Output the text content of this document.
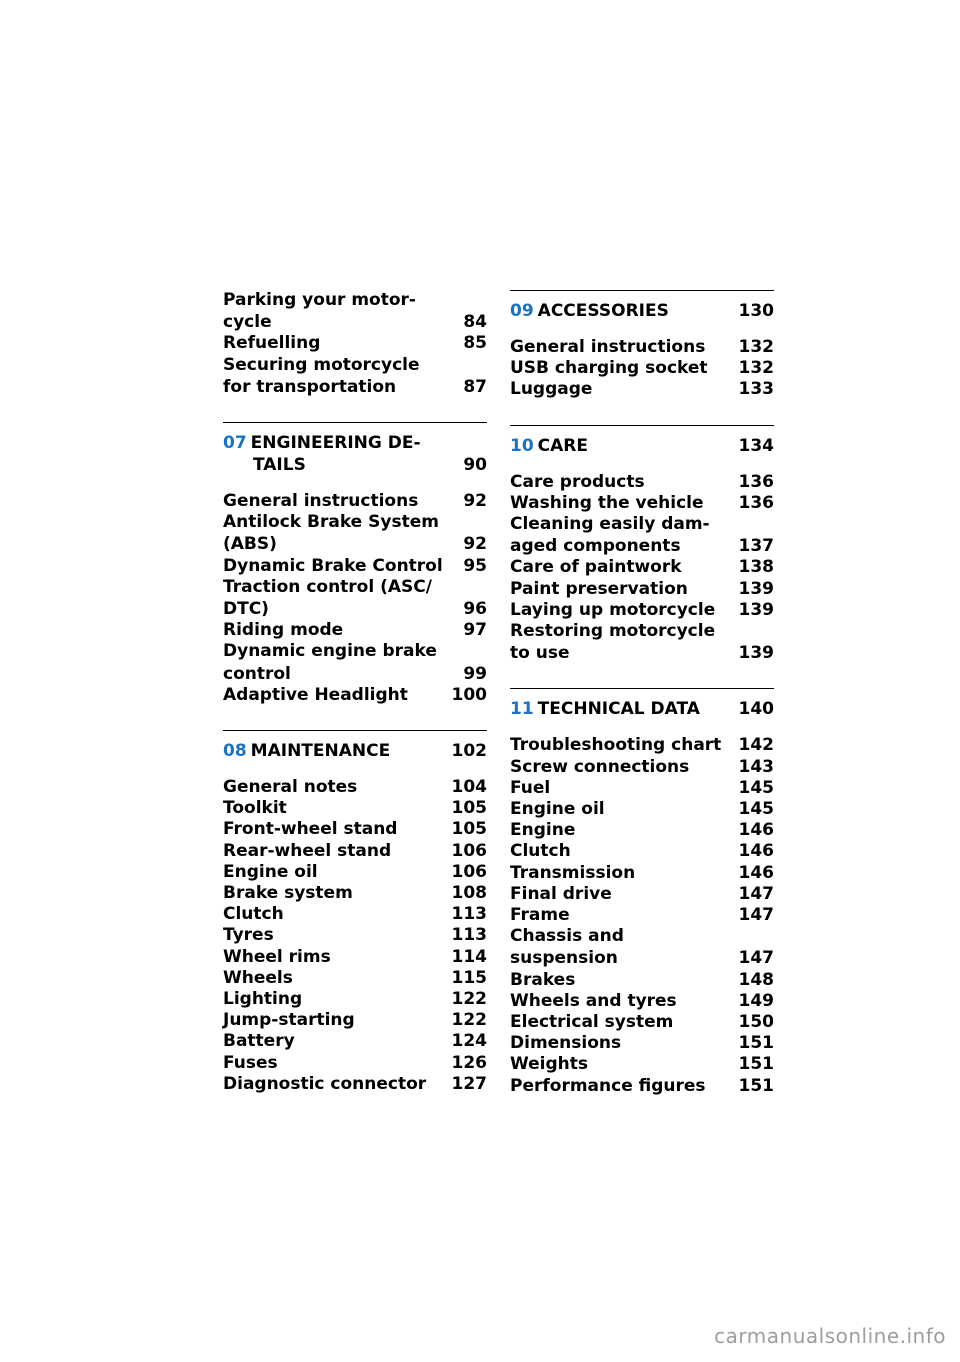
Parking your motor-
cycle	84
Refuelling	85
Securing motorcycle
for transportation	87
07 ENGINEERING DE-
TAILS	90
General instructions	92
Antilock Brake System
(ABS)	92
Dynamic Brake Control	95
Traction control (ASC/
DTC)	96
Riding mode	97
Dynamic engine brake
control	99
Adaptive Headlight	100
08 MAINTENANCE	102
General notes	104
Toolkit	105
Front-wheel stand	105
Rear-wheel stand	106
Engine oil	106
Brake system	108
Clutch	113
Tyres	113
Wheel rims	114
Wheels	115
Lighting	122
Jump-starting	122
Battery	124
Fuses	126
Diagnostic connector	127
09 ACCESSORIES	130
General instructions	132
USB charging socket	132
Luggage	133
10 CARE	134
Care products	136
Washing the vehicle	136
Cleaning easily dam-
aged components	137
Care of paintwork	138
Paint preservation	139
Laying up motorcycle	139
Restoring motorcycle
to use	139
11 TECHNICAL DATA	140
Troubleshooting chart	142
Screw connections	143
Fuel	145
Engine oil	145
Engine	146
Clutch	146
Transmission	146
Final drive	147
Frame	147
Chassis and
suspension	147
Brakes	148
Wheels and tyres	149
Electrical system	150
Dimensions	151
Weights	151
Performance figures	151
carmanualsonline.info
